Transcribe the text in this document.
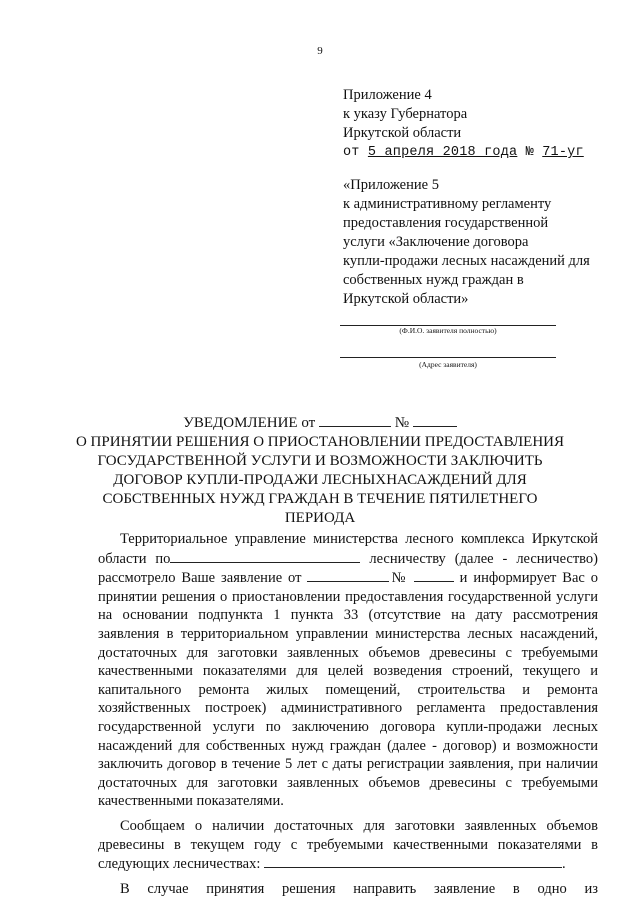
9
Приложение 4
к указу Губернатора
Иркутской области
от 5 апреля 2018 года № 71-уг
«Приложение 5
к административному регламенту
предоставления государственной
услуги «Заключение договора
купли-продажи лесных насаждений для
собственных нужд граждан в
Иркутской области»
(Ф.И.О. заявителя полностью)
(Адрес заявителя)
УВЕДОМЛЕНИЕ от	№
О ПРИНЯТИИ РЕШЕНИЯ О ПРИОСТАНОВЛЕНИИ ПРЕДОСТАВЛЕНИЯ
ГОСУДАРСТВЕННОЙ УСЛУГИ И ВОЗМОЖНОСТИ ЗАКЛЮЧИТЬ
ДОГОВОР КУПЛИ-ПРОДАЖИ ЛЕСНЫХНАСАЖДЕНИЙ ДЛЯ
СОБСТВЕННЫХ НУЖД ГРАЖДАН В ТЕЧЕНИЕ ПЯТИЛЕТНЕГО
ПЕРИОДА

Территориальное управление министерства лесного комплекса Иркутской области по	лесничеству (далее - лесничество) рассмотрело Ваше заявление от	№	и информирует Вас о принятии решения о приостановлении предоставления государственной услуги на основании подпункта 1 пункта 33 (отсутствие на дату рассмотрения заявления в территориальном управлении министерства лесных насаждений, достаточных для заготовки заявленных объемов древесины с требуемыми качественными показателями для целей возведения строений, текущего и капитального ремонта жилых помещений, строительства и ремонта хозяйственных построек) административного регламента предоставления государственной услуги по заключению договора купли-продажи лесных насаждений для собственных нужд граждан (далее - договор) и возможности заключить договор в течение 5 лет с даты регистрации заявления, при наличии достаточных для заготовки заявленных объемов древесины с требуемыми качественными показателями.

Сообщаем о наличии достаточных для заготовки заявленных объемов древесины в текущем году с требуемыми качественными показателями в следующих лесничествах:	.

В случае принятия решения направить заявление в одно из
